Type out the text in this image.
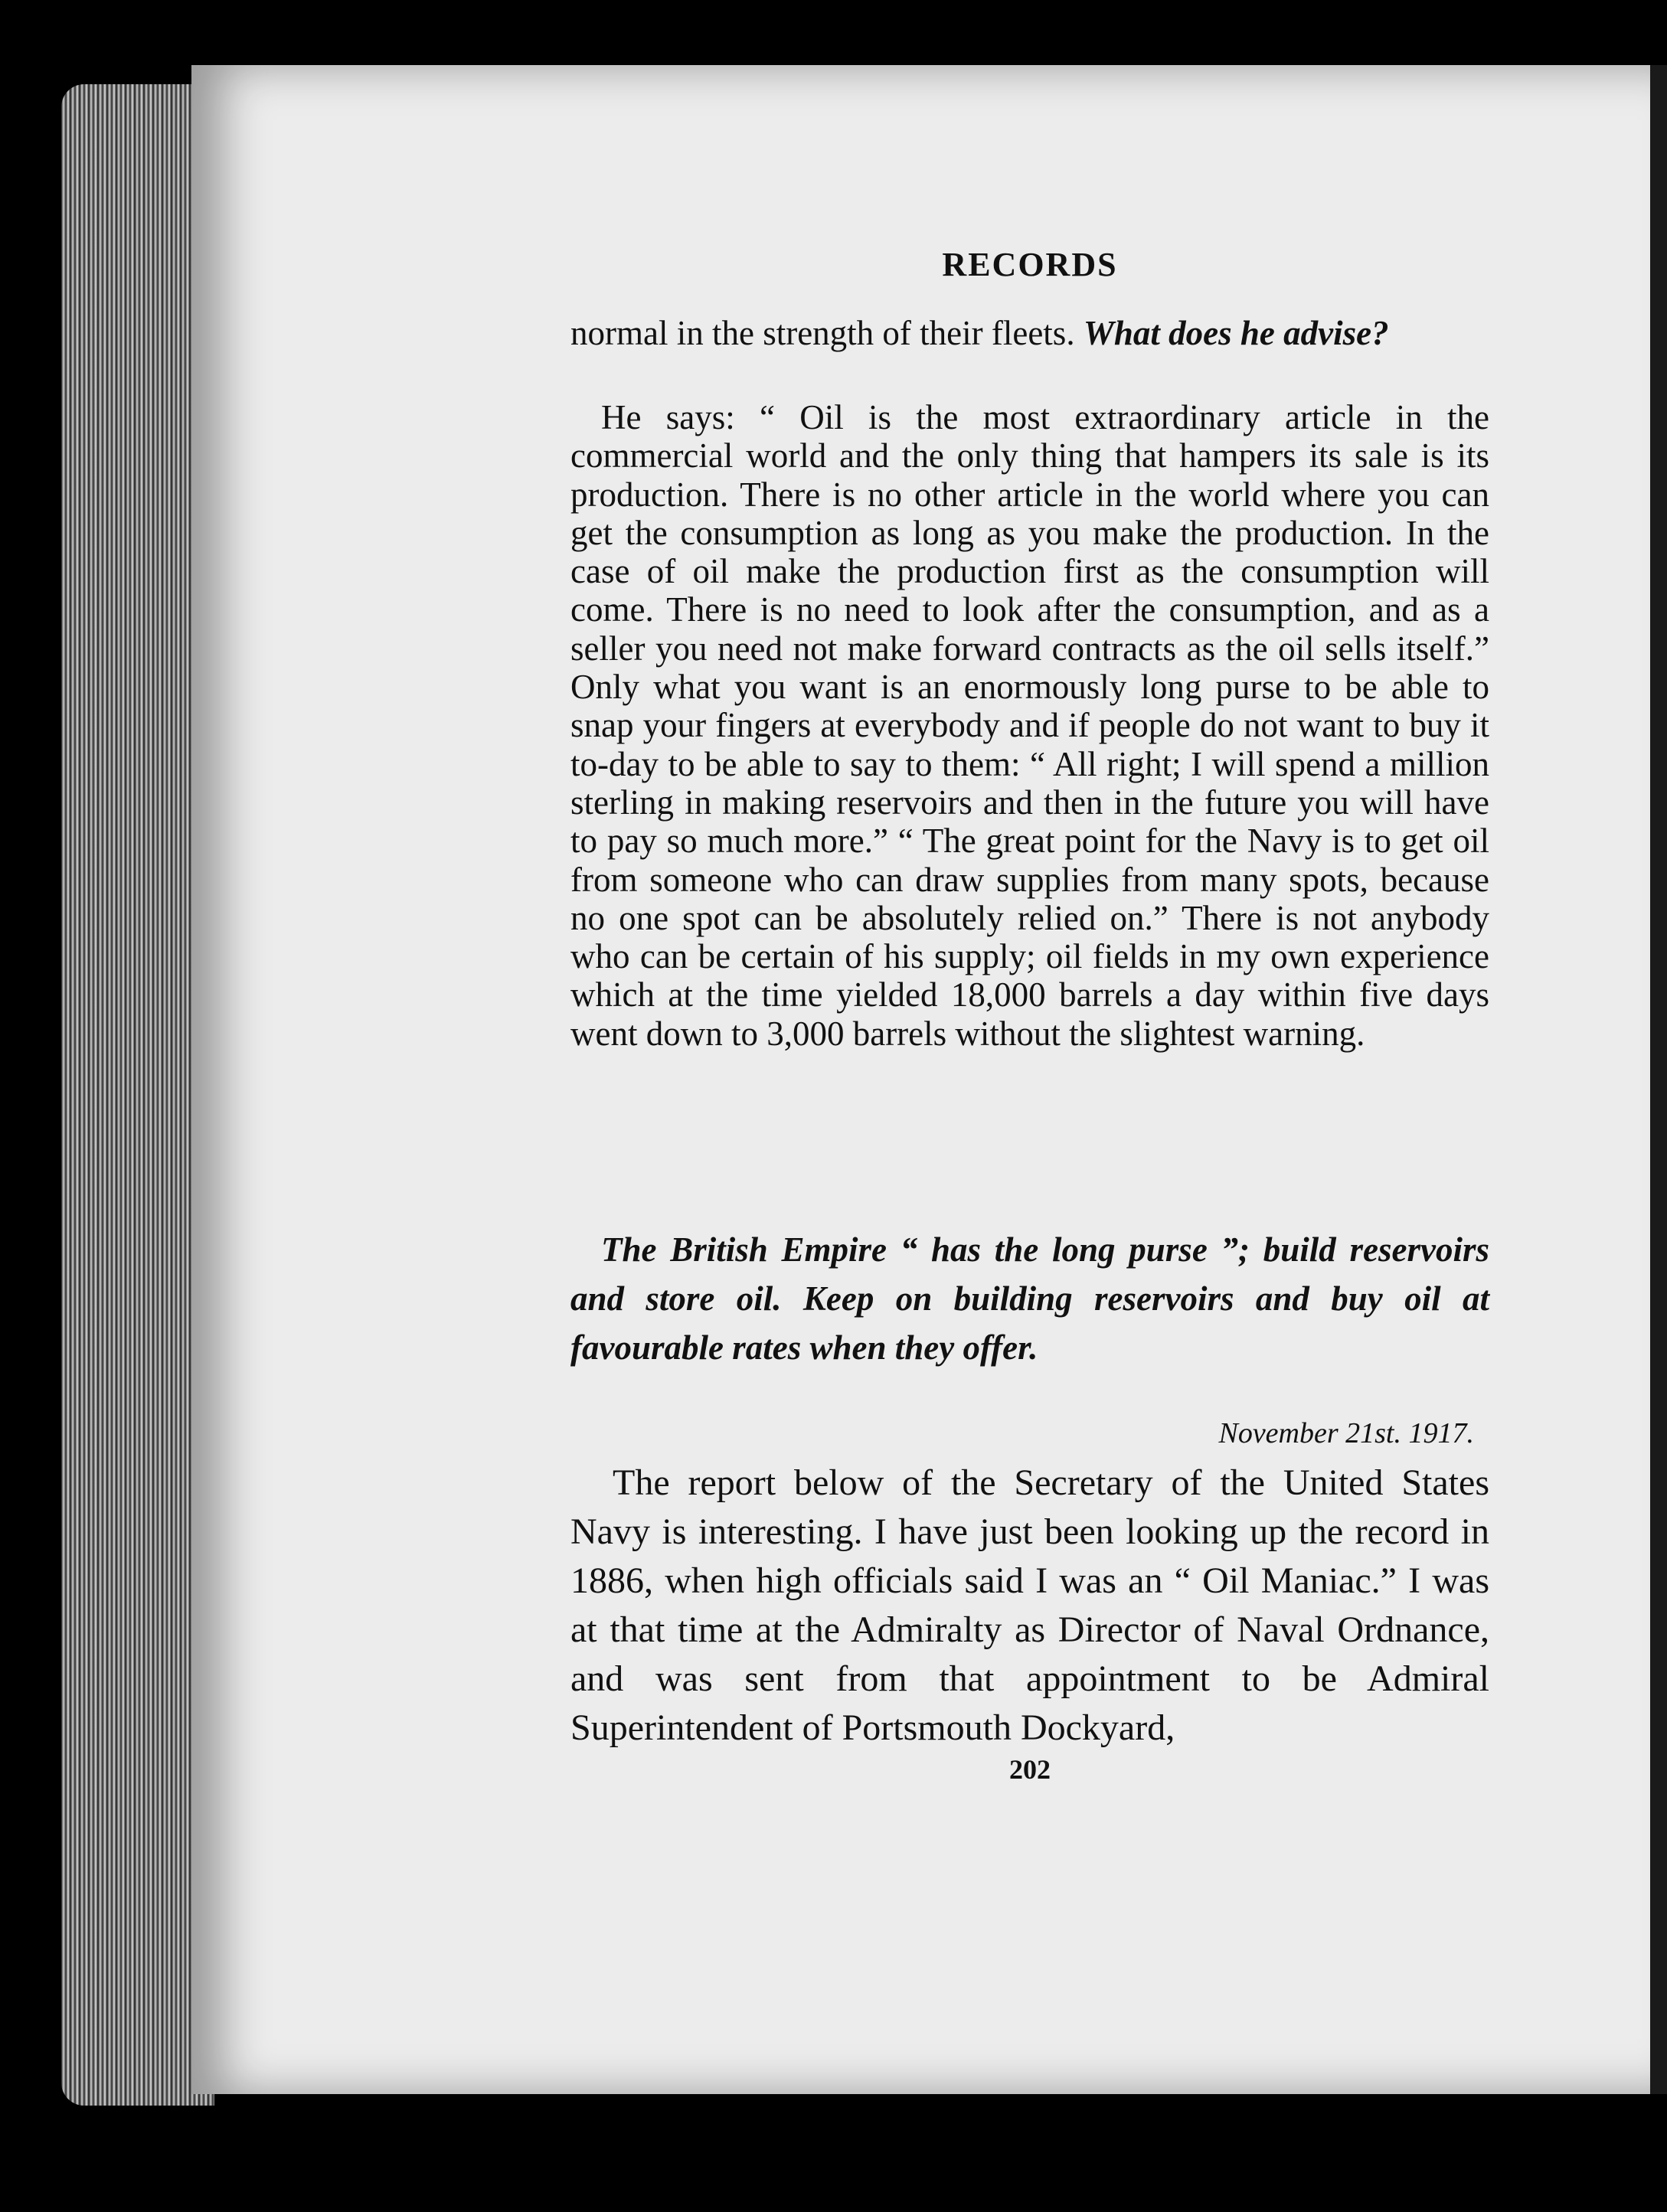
RECORDS
normal in the strength of their fleets. What does he advise?
He says: “ Oil is the most extraordinary article in the commercial world and the only thing that hampers its sale is its production. There is no other article in the world where you can get the consumption as long as you make the production. In the case of oil make the production first as the consumption will come. There is no need to look after the consumption, and as a seller you need not make forward contracts as the oil sells itself.” Only what you want is an enormously long purse to be able to snap your fingers at everybody and if people do not want to buy it to-day to be able to say to them: “ All right; I will spend a million sterling in making reservoirs and then in the future you will have to pay so much more.” “ The great point for the Navy is to get oil from someone who can draw supplies from many spots, because no one spot can be absolutely relied on.” There is not anybody who can be certain of his supply; oil fields in my own experience which at the time yielded 18,000 barrels a day within five days went down to 3,000 barrels without the slightest warning.
The British Empire “ has the long purse ”; build reservoirs and store oil. Keep on building reservoirs and buy oil at favourable rates when they offer.
November 21st. 1917.
The report below of the Secretary of the United States Navy is interesting. I have just been looking up the record in 1886, when high officials said I was an “ Oil Maniac.” I was at that time at the Admiralty as Director of Naval Ordnance, and was sent from that appointment to be Admiral Superintendent of Portsmouth Dockyard,
202
